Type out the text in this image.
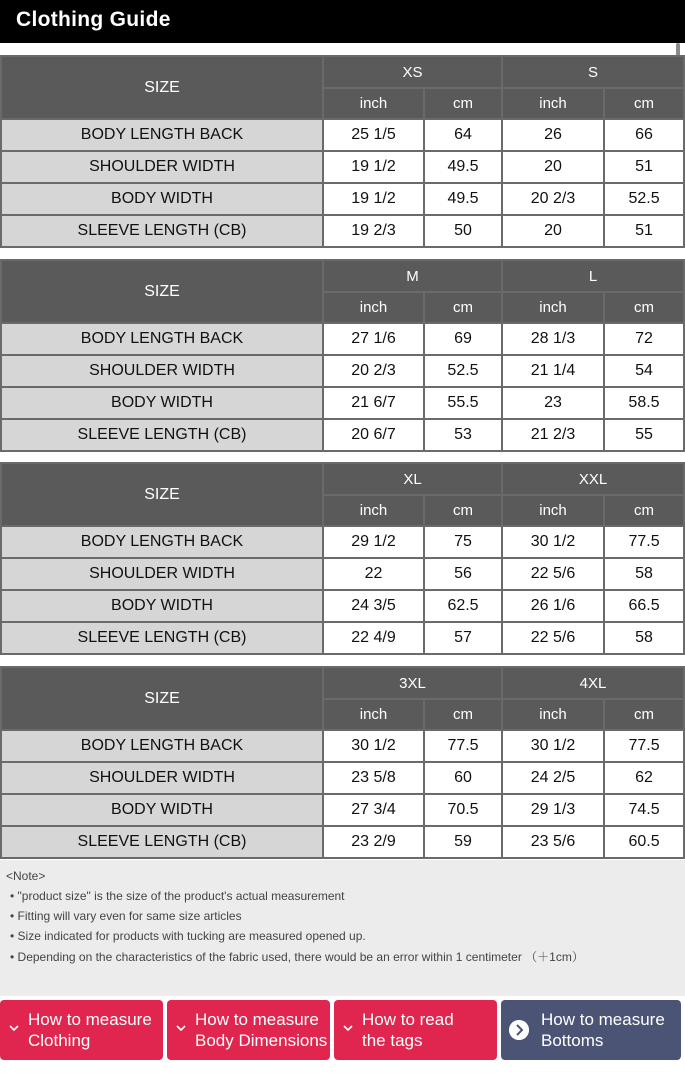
Clothing Guide
SIZE	XS		S	
	inch	cm	inch	cm
BODY LENGTH BACK	25 1/5	64	26	66
SHOULDER WIDTH	19 1/2	49.5	20	51
BODY WIDTH	19 1/2	49.5	20 2/3	52.5
SLEEVE LENGTH (CB)	19 2/3	50	20	51
SIZE	M		L	
	inch	cm	inch	cm
BODY LENGTH BACK	27 1/6	69	28 1/3	72
SHOULDER WIDTH	20 2/3	52.5	21 1/4	54
BODY WIDTH	21 6/7	55.5	23	58.5
SLEEVE LENGTH (CB)	20 6/7	53	21 2/3	55
SIZE	XL		XXL	
	inch	cm	inch	cm
BODY LENGTH BACK	29 1/2	75	30 1/2	77.5
SHOULDER WIDTH	22	56	22 5/6	58
BODY WIDTH	24 3/5	62.5	26 1/6	66.5
SLEEVE LENGTH (CB)	22 4/9	57	22 5/6	58
SIZE	3XL		4XL	
	inch	cm	inch	cm
BODY LENGTH BACK	30 1/2	77.5	30 1/2	77.5
SHOULDER WIDTH	23 5/8	60	24 2/5	62
BODY WIDTH	27 3/4	70.5	29 1/3	74.5
SLEEVE LENGTH (CB)	23 2/9	59	23 5/6	60.5
<Note>
• "product size" is the size of the product's actual measurement
• Fitting will vary even for same size articles
• Size indicated for products with tucking are measured opened up.
• Depending on the characteristics of the fabric used, there would be an error within 1 centimeter （＋1cm）
How to measure
Clothing
How to measure
Body Dimensions
How to read
the tags
How to measure
Bottoms
